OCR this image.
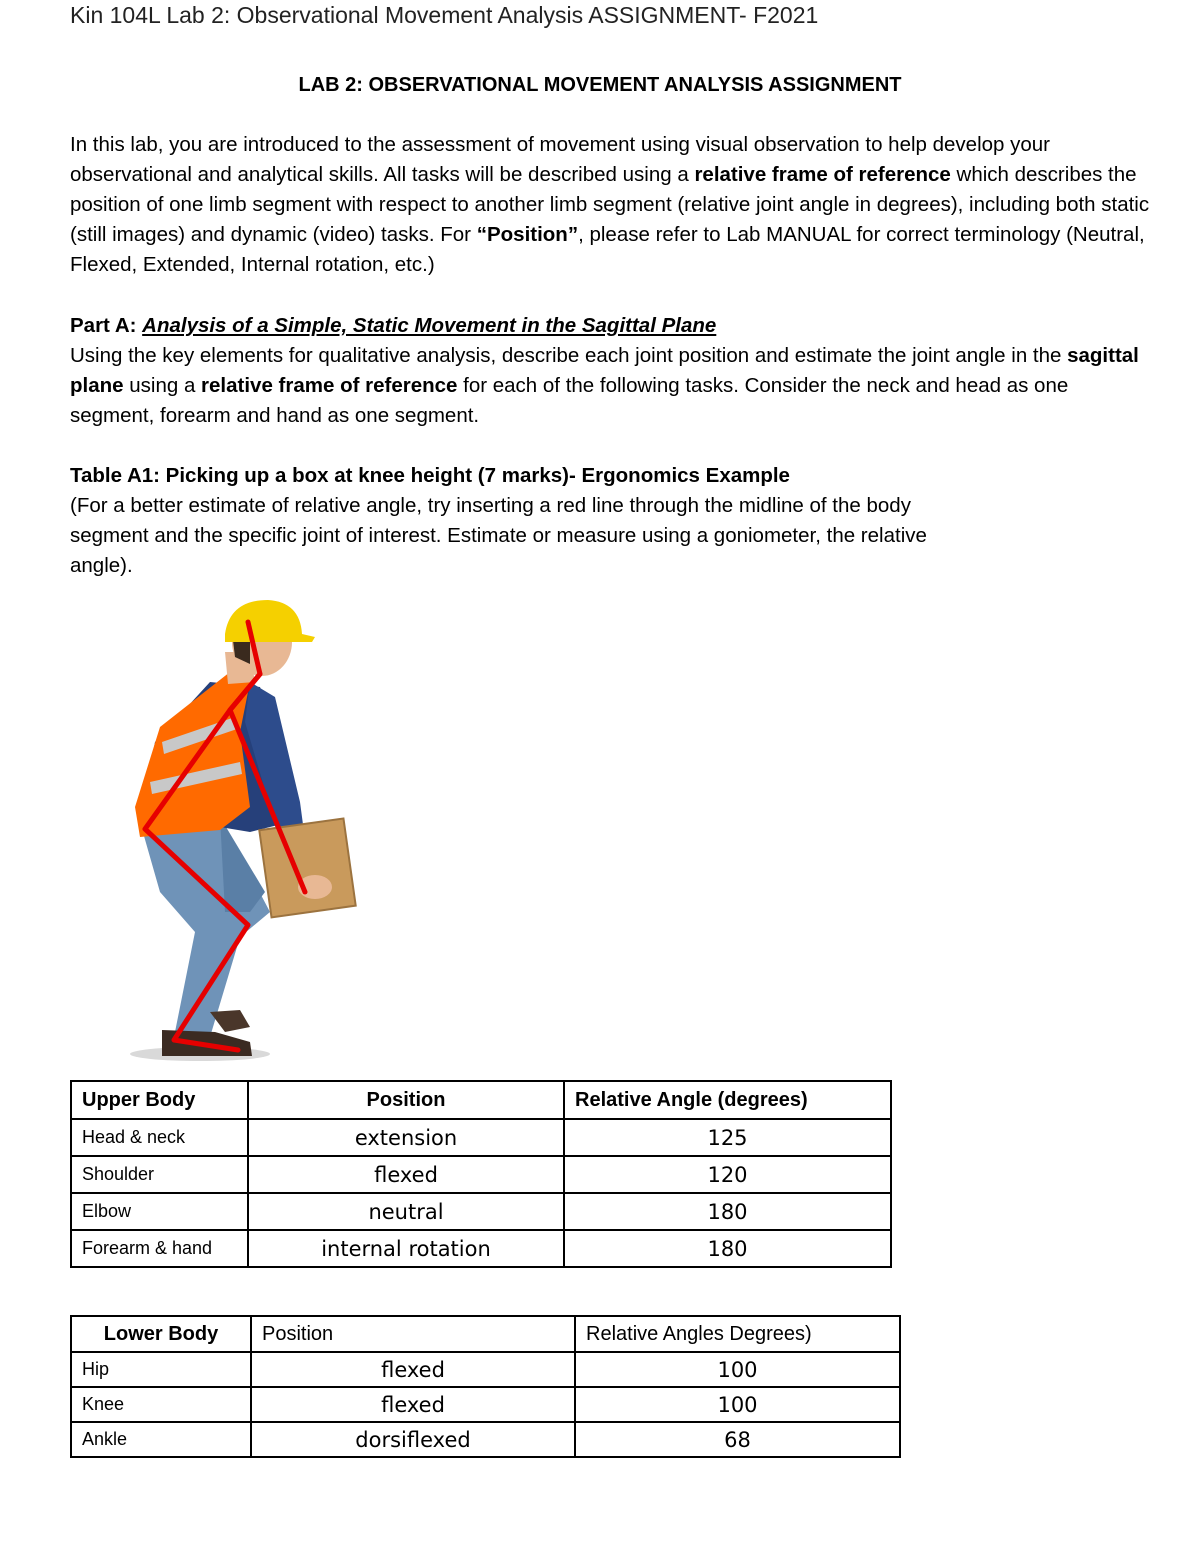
Kin 104L Lab 2: Observational Movement Analysis ASSIGNMENT- F2021
LAB 2: OBSERVATIONAL MOVEMENT ANALYSIS ASSIGNMENT
In this lab, you are introduced to the assessment of movement using visual observation to help develop your observational and analytical skills. All tasks will be described using a relative frame of reference which describes the position of one limb segment with respect to another limb segment (relative joint angle in degrees), including both static (still images) and dynamic (video) tasks. For “Position”, please refer to Lab MANUAL for correct terminology (Neutral, Flexed, Extended, Internal rotation, etc.)
Part A: Analysis of a Simple, Static Movement in the Sagittal Plane
Using the key elements for qualitative analysis, describe each joint position and estimate the joint angle in the sagittal plane using a relative frame of reference for each of the following tasks. Consider the neck and head as one segment, forearm and hand as one segment.
Table A1: Picking up a box at knee height (7 marks)- Ergonomics Example
(For a better estimate of relative angle, try inserting a red line through the midline of the body segment and the specific joint of interest. Estimate or measure using a goniometer, the relative angle).
Upper Body	Position	Relative Angle (degrees)
Head & neck	extension	125
Shoulder	flexed	120
Elbow	neutral	180
Forearm & hand	internal rotation	180
Lower Body	Position	Relative Angles Degrees)
Hip	flexed	100
Knee	flexed	100
Ankle	dorsiflexed	68
